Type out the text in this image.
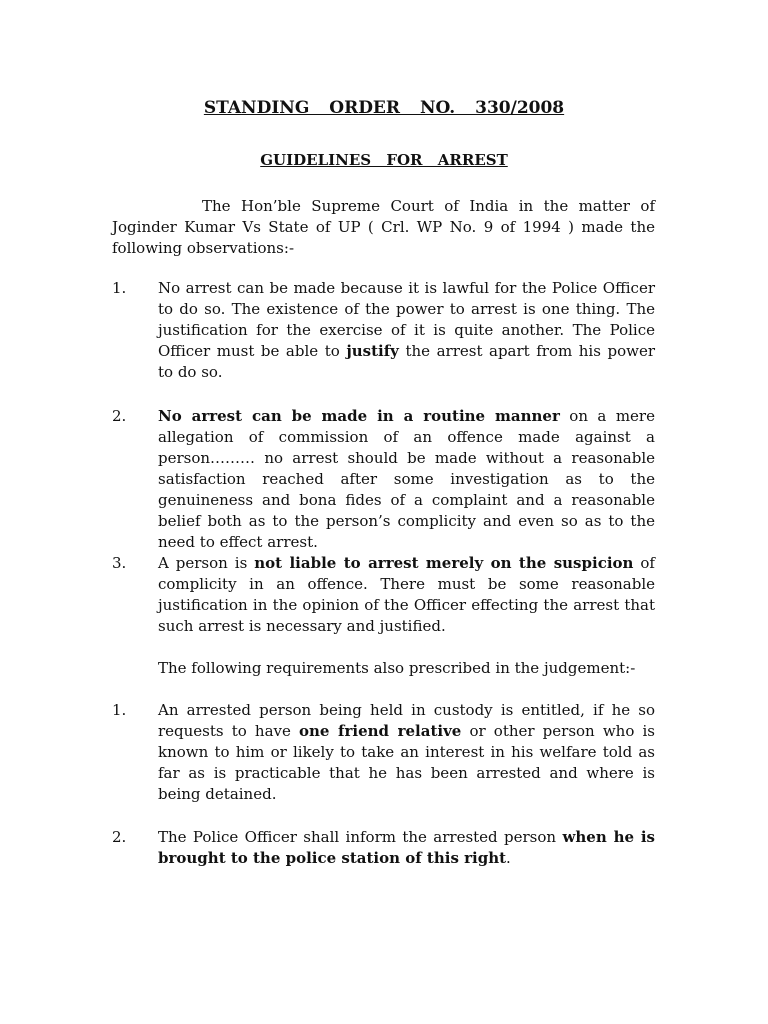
STANDING ORDER NO. 330/2008
GUIDELINES FOR ARREST
The Hon’ble Supreme Court of India in the matter of Joginder Kumar Vs State of UP ( Crl. WP No. 9 of 1994 ) made the following observations:-
1. No arrest can be made because it is lawful for the Police Officer to do so. The existence of the power to arrest is one thing. The justification for the exercise of it is quite another. The Police Officer must be able to justify the arrest apart from his power to do so.
2. No arrest can be made in a routine manner on a mere allegation of commission of an offence made against a person……… no arrest should be made without a reasonable satisfaction reached after some investigation as to the genuineness and bona fides of a complaint and a reasonable belief both as to the person’s complicity and even so as to the need to effect arrest.
3. A person is not liable to arrest merely on the suspicion of complicity in an offence. There must be some reasonable justification in the opinion of the Officer effecting the arrest that such arrest is necessary and justified.
The following requirements also prescribed in the judgement:-
1. An arrested person being held in custody is entitled, if he so requests to have one friend relative or other person who is known to him or likely to take an interest in his welfare told as far as is practicable that he has been arrested and where is being detained.
2. The Police Officer shall inform the arrested person when he is brought to the police station of this right.
